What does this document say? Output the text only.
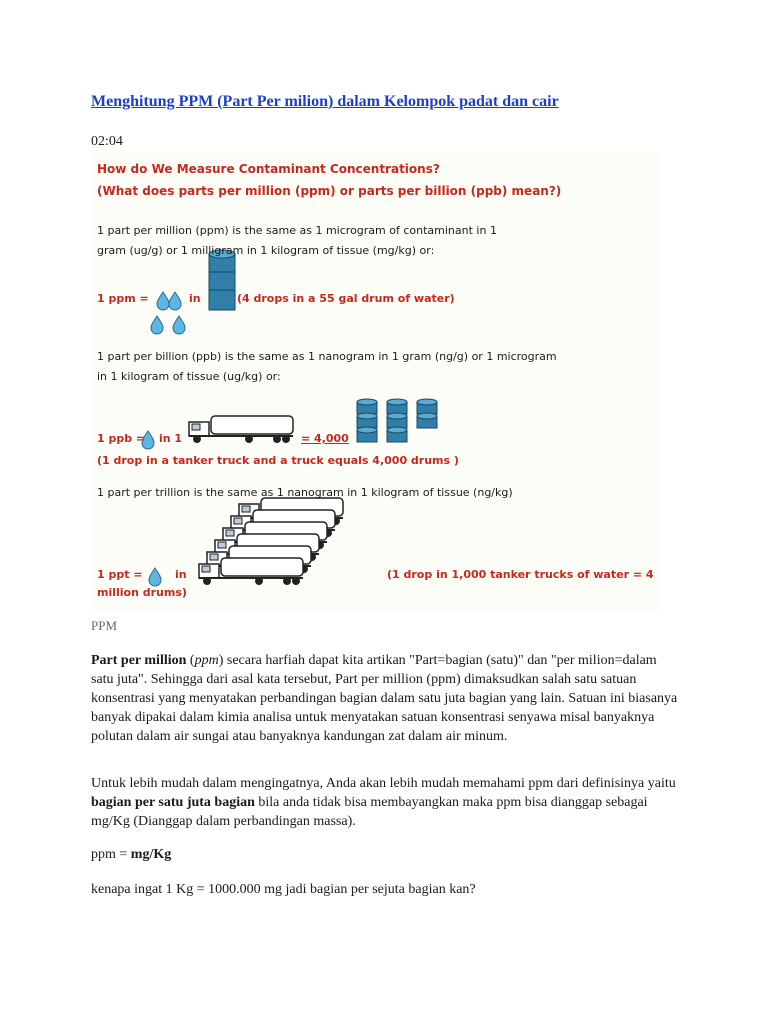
Menghitung PPM (Part Per milion) dalam Kelompok padat dan cair
02:04
How do We Measure Contaminant Concentrations?
(What does parts per million (ppm) or parts per billion (ppb) mean?)
1 part per million (ppm) is the same as 1 microgram of contaminant in 1
gram (ug/g) or 1 milligram in 1 kilogram of tissue (mg/kg) or:
1 ppm =	in	(4 drops in a 55 gal drum of water)
1 part per billion (ppb) is the same as 1 nanogram in 1 gram (ng/g) or 1 microgram
in 1 kilogram of tissue (ug/kg) or:
1 ppb = in 1	= 4,000
(1 drop in a tanker truck and a truck equals 4,000 drums )
1 part per trillion is the same as 1 nanogram in 1 kilogram of tissue (ng/kg)
1 ppt =	in	(1 drop in 1,000 tanker trucks of water = 4
million drums)
PPM
Part per million (ppm) secara harfiah dapat kita artikan "Part=bagian (satu)" dan "per milion=dalam satu juta". Sehingga dari asal kata tersebut, Part per million (ppm) dimaksudkan salah satu satuan konsentrasi yang menyatakan perbandingan bagian dalam satu juta bagian yang lain. Satuan ini biasanya banyak dipakai dalam kimia analisa untuk menyatakan satuan konsentrasi senyawa misal banyaknya polutan dalam air sungai atau banyaknya kandungan zat dalam air minum.
Untuk lebih mudah dalam mengingatnya, Anda akan lebih mudah memahami ppm dari definisinya yaitu bagian per satu juta bagian bila anda tidak bisa membayangkan maka ppm bisa dianggap sebagai mg/Kg (Dianggap dalam perbandingan massa).
ppm = mg/Kg
kenapa ingat 1 Kg = 1000.000 mg jadi bagian per sejuta bagian kan?
